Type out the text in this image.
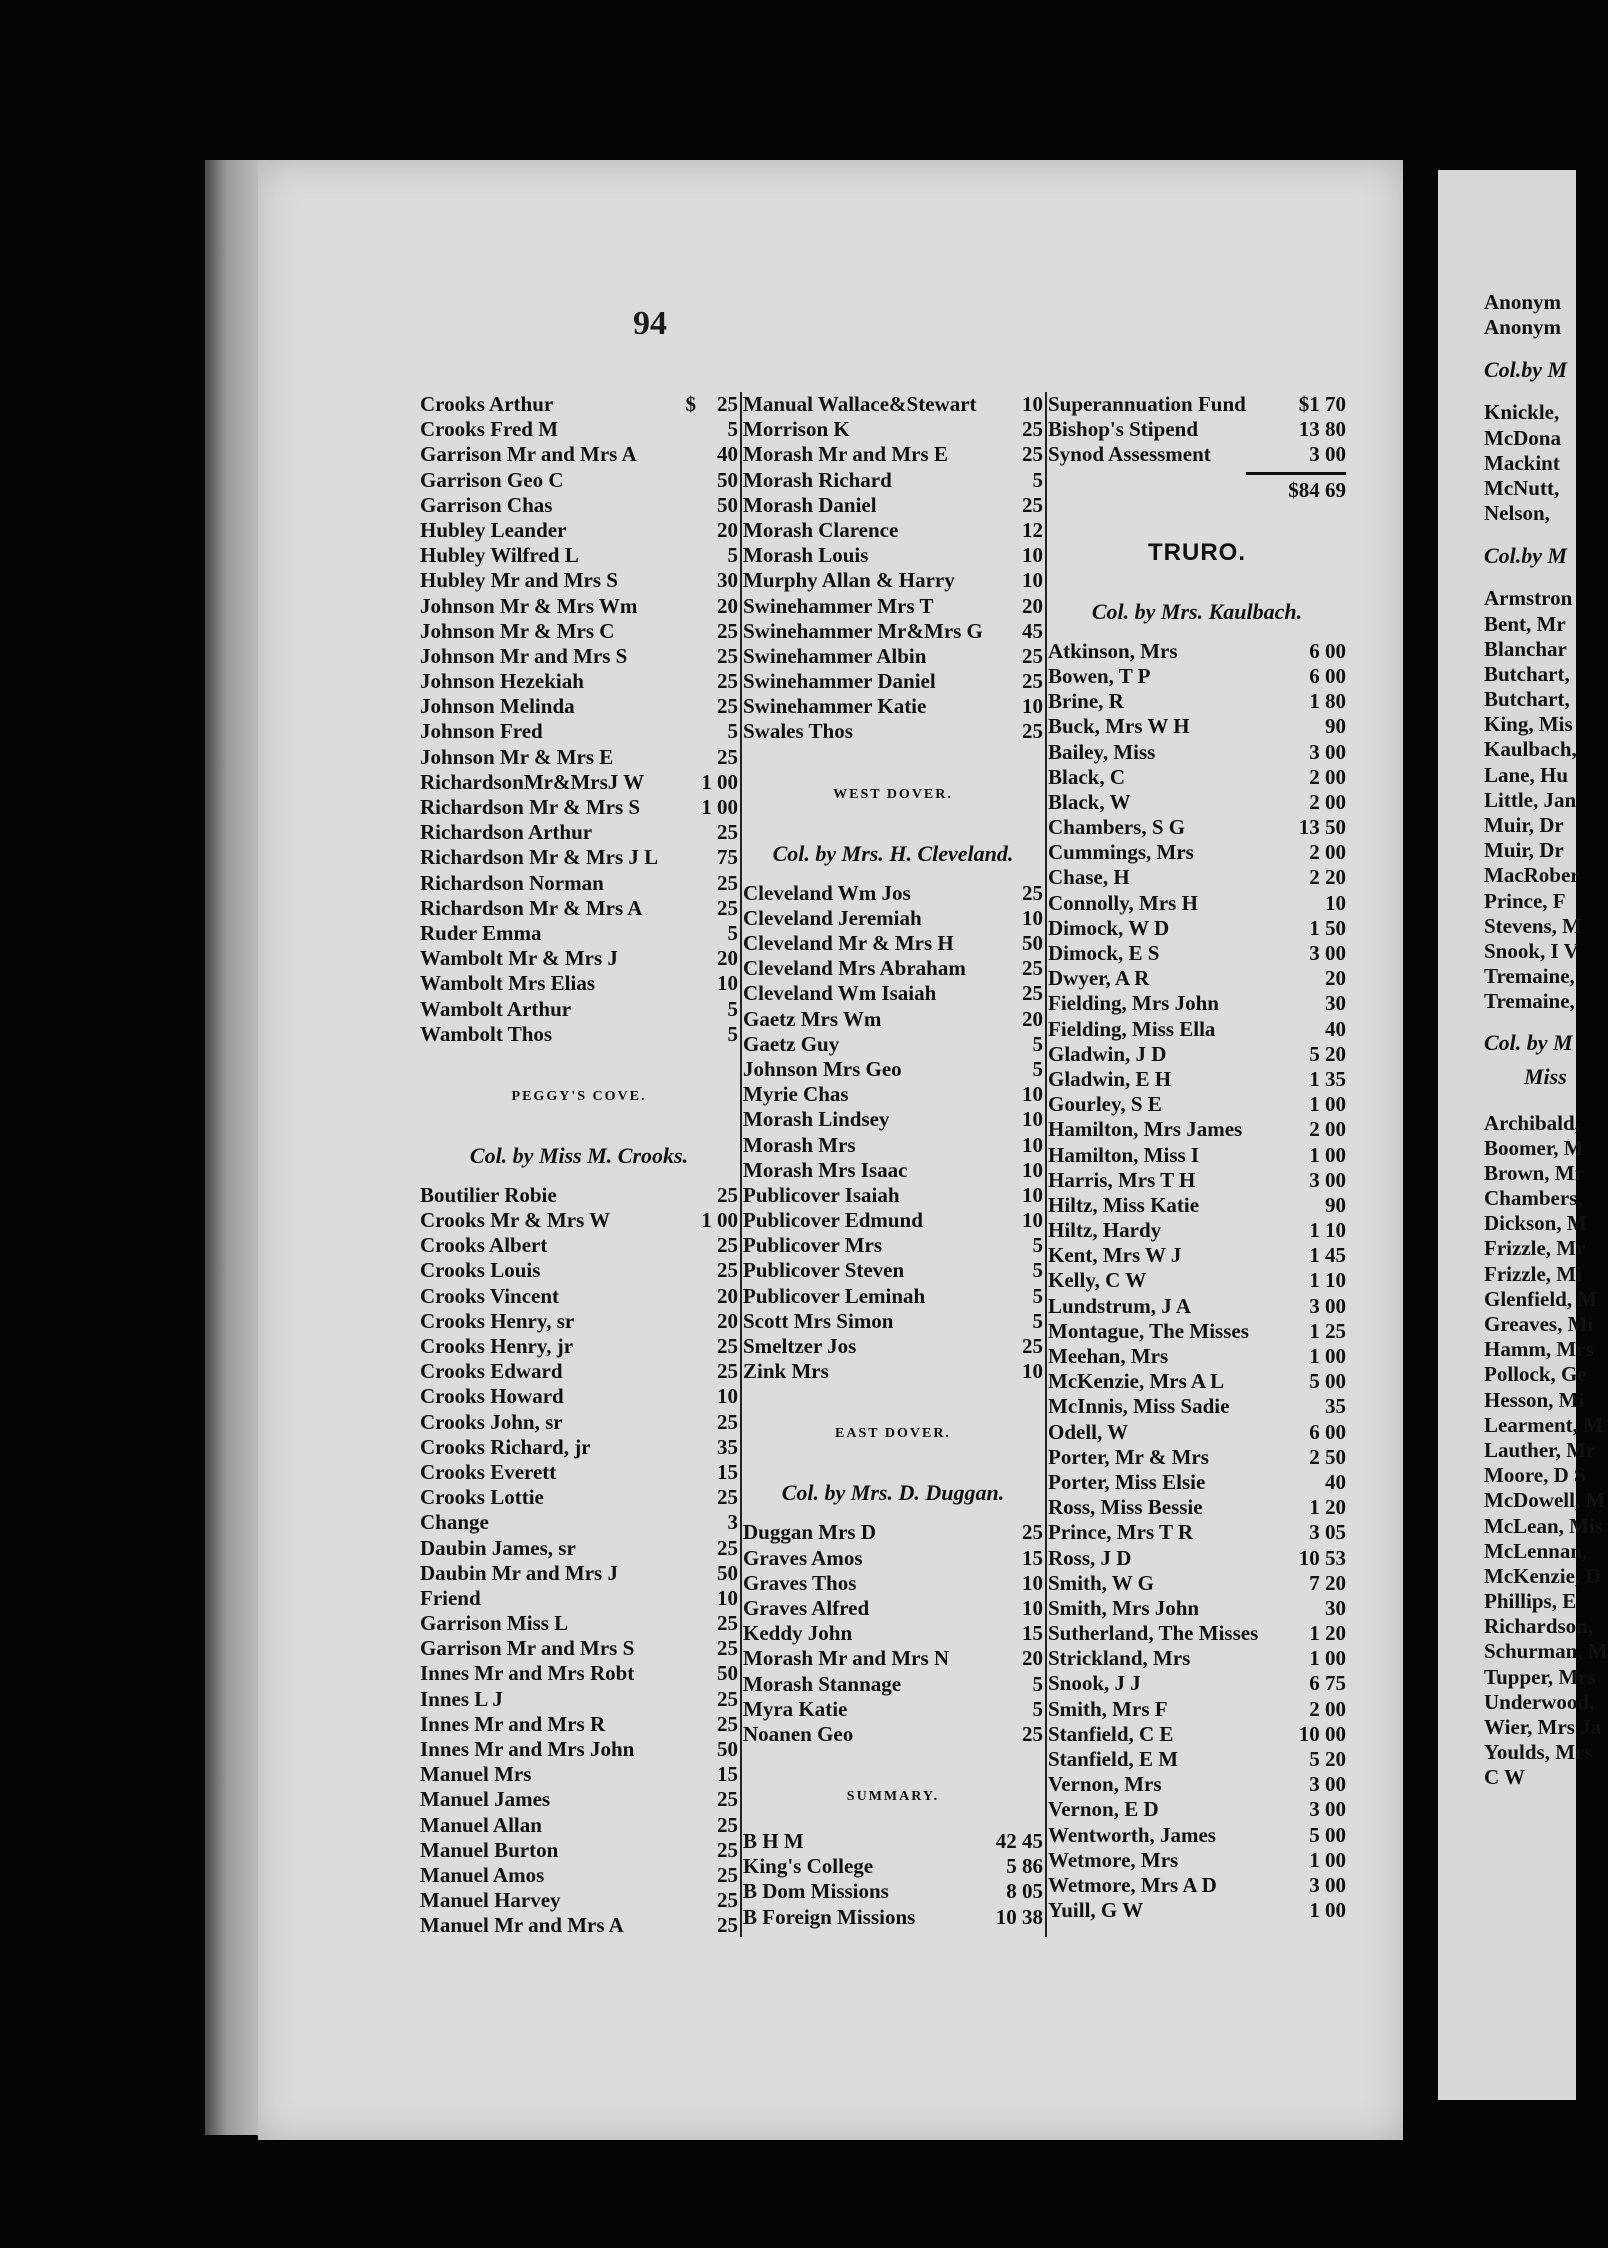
Anonym
Anonym
Col.by M
Knickle,
McDona
Mackint
McNutt,
Nelson,
Col.by M
Armstron
Bent, Mr
Blanchar
Butchart,
Butchart,
King, Mis
Kaulbach,
Lane, Hu
Little, Jan
Muir, Dr
Muir, Dr
MacRober
Prince, F
Stevens, M
Snook, I V
Tremaine,
Tremaine,
Col. by M
Miss
Archibald,
Boomer, M
Brown, Mr
Chambers,
Dickson, M
Frizzle, Mr
Frizzle, Mi
Glenfield, M
Greaves, Mi
Hamm, Mrs
Pollock, Ge
Hesson, Mi
Learment, M
Lauther, Mr
Moore, D S
McDowell, M
McLean, Mis
McLennan,
McKenzie, D
Phillips, E
Richardson,
Schurman, M
Tupper, Mrs
Underwood,
Wier, Mrs Ja
Youlds, Mrs
C W
94
Crooks Arthur	$ 25
Crooks Fred M	5
Garrison Mr and Mrs A	40
Garrison Geo C	50
Garrison Chas	50
Hubley Leander	20
Hubley Wilfred L	5
Hubley Mr and Mrs S	30
Johnson Mr & Mrs Wm	20
Johnson Mr & Mrs C	25
Johnson Mr and Mrs S	25
Johnson Hezekiah	25
Johnson Melinda	25
Johnson Fred	5
Johnson Mr & Mrs E	25
RichardsonMr&MrsJ W	1 00
Richardson Mr & Mrs S	1 00
Richardson Arthur	25
Richardson Mr & Mrs J L	75
Richardson Norman	25
Richardson Mr & Mrs A	25
Ruder Emma	5
Wambolt Mr & Mrs J	20
Wambolt Mrs Elias	10
Wambolt Arthur	5
Wambolt Thos	5
PEGGY'S COVE.
Col. by Miss M. Crooks.
Boutilier Robie	25
Crooks Mr & Mrs W	1 00
Crooks Albert	25
Crooks Louis	25
Crooks Vincent	20
Crooks Henry, sr	20
Crooks Henry, jr	25
Crooks Edward	25
Crooks Howard	10
Crooks John, sr	25
Crooks Richard, jr	35
Crooks Everett	15
Crooks Lottie	25
Change	3
Daubin James, sr	25
Daubin Mr and Mrs J	50
Friend	10
Garrison Miss L	25
Garrison Mr and Mrs S	25
Innes Mr and Mrs Robt	50
Innes L J	25
Innes Mr and Mrs R	25
Innes Mr and Mrs John	50
Manuel Mrs	15
Manuel James	25
Manuel Allan	25
Manuel Burton	25
Manuel Amos	25
Manuel Harvey	25
Manuel Mr and Mrs A	25
Manual Wallace&Stewart 10
Morrison K	25
Morash Mr and Mrs E	25
Morash Richard	5
Morash Daniel	25
Morash Clarence	12
Morash Louis	10
Murphy Allan & Harry	10
Swinehammer Mrs T	20
Swinehammer Mr&Mrs G 45
Swinehammer Albin	25
Swinehammer Daniel	25
Swinehammer Katie	10
Swales Thos	25
WEST DOVER.
Col. by Mrs. H. Cleveland.
Cleveland Wm Jos	25
Cleveland Jeremiah	10
Cleveland Mr & Mrs H	50
Cleveland Mrs Abraham	25
Cleveland Wm Isaiah	25
Gaetz Mrs Wm	20
Gaetz Guy	5
Johnson Mrs Geo	5
Myrie Chas	10
Morash Lindsey	10
Morash Mrs	10
Morash Mrs Isaac	10
Publicover Isaiah	10
Publicover Edmund	10
Publicover Mrs	5
Publicover Steven	5
Publicover Leminah	5
Scott Mrs Simon	5
Smeltzer Jos	25
Zink Mrs	10
EAST DOVER.
Col. by Mrs. D. Duggan.
Duggan Mrs D	25
Graves Amos	15
Graves Thos	10
Graves Alfred	10
Keddy John	15
Morash Mr and Mrs N	20
Morash Stannage	5
Myra Katie	5
Noanen Geo	25
SUMMARY.
B H M	42 45
King's College	5 86
B Dom Missions	8 05
B Foreign Missions	10 38
Superannuation Fund	$1 70
Bishop's Stipend	13 80
Synod Assessment	3 00
$84 69
TRURO.
Col. by Mrs. Kaulbach.
Atkinson, Mrs	6 00
Bowen, T P	6 00
Brine, R	1 80
Buck, Mrs W H	90
Bailey, Miss	3 00
Black, C	2 00
Black, W	2 00
Chambers, S G	13 50
Cummings, Mrs	2 00
Chase, H	2 20
Connolly, Mrs H	10
Dimock, W D	1 50
Dimock, E S	3 00
Dwyer, A R	20
Fielding, Mrs John	30
Fielding, Miss Ella	40
Gladwin, J D	5 20
Gladwin, E H	1 35
Gourley, S E	1 00
Hamilton, Mrs James	2 00
Hamilton, Miss I	1 00
Harris, Mrs T H	3 00
Hiltz, Miss Katie	90
Hiltz, Hardy	1 10
Kent, Mrs W J	1 45
Kelly, C W	1 10
Lundstrum, J A	3 00
Montague, The Misses	1 25
Meehan, Mrs	1 00
McKenzie, Mrs A L	5 00
McInnis, Miss Sadie	35
Odell, W	6 00
Porter, Mr & Mrs	2 50
Porter, Miss Elsie	40
Ross, Miss Bessie	1 20
Prince, Mrs T R	3 05
Ross, J D	10 53
Smith, W G	7 20
Smith, Mrs John	30
Sutherland, The Misses 1 20
Strickland, Mrs	1 00
Snook, J J	6 75
Smith, Mrs F	2 00
Stanfield, C E	10 00
Stanfield, E M	5 20
Vernon, Mrs	3 00
Vernon, E D	3 00
Wentworth, James	5 00
Wetmore, Mrs	1 00
Wetmore, Mrs A D	3 00
Yuill, G W	1 00
